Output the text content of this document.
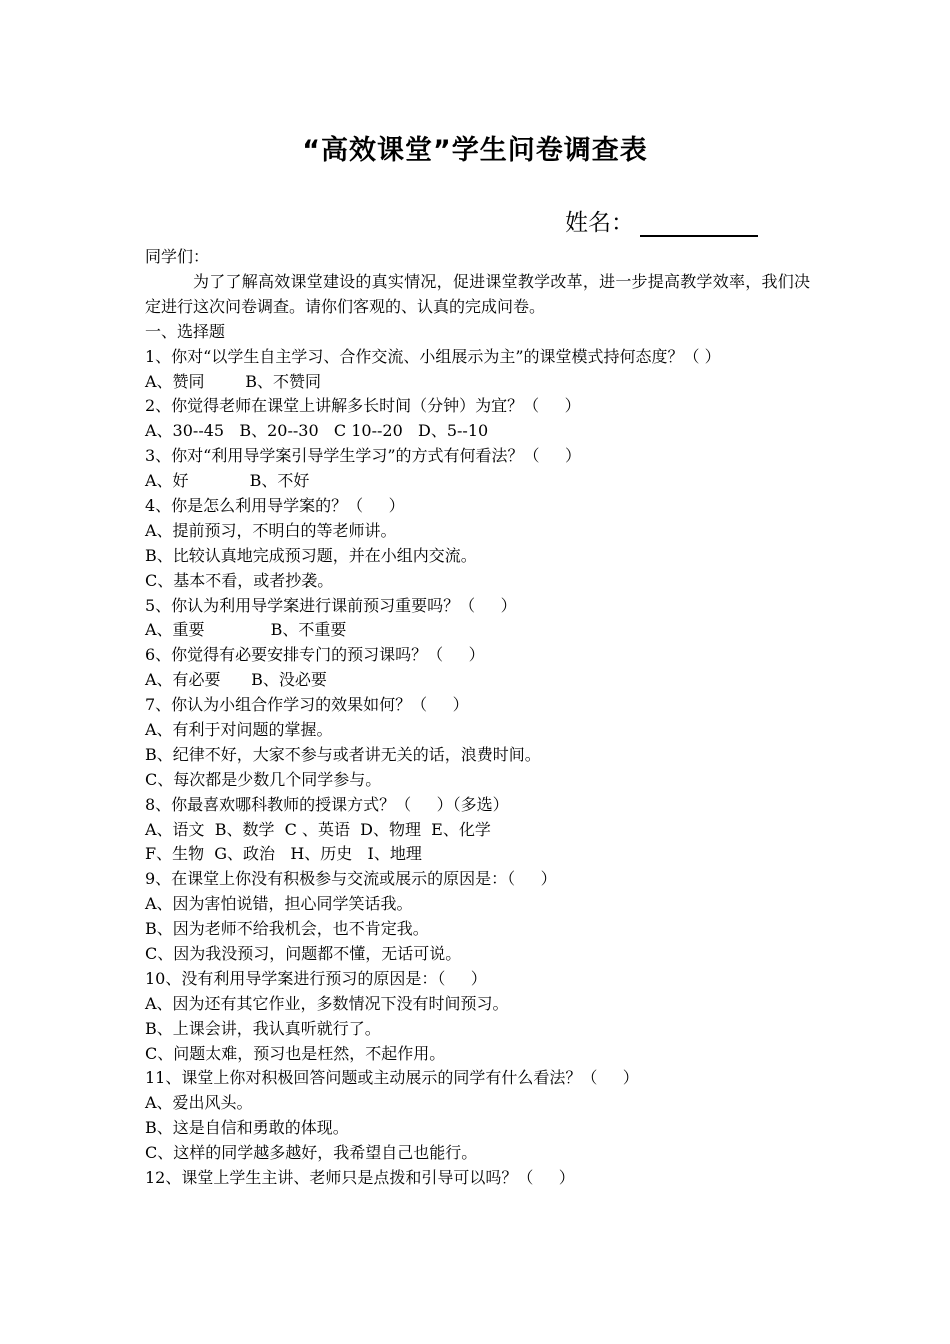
“高效课堂”学生问卷调查表
姓名：
同学们：
为了了解高效课堂建设的真实情况，促进课堂教学改革，进一步提高教学效率，我们决定进行这次问卷调查。请你们客观的、认真的完成问卷。
一、选择题
1、你对“以学生自主学习、合作交流、小组展示为主”的课堂模式持何态度？（ ）
A、赞同        B、不赞同
2、你觉得老师在课堂上讲解多长时间（分钟）为宜？（     ）
A、30--45   B、20--30   C 10--20   D、5--10
3、你对“利用导学案引导学生学习”的方式有何看法？（     ）
A、好            B、不好
4、你是怎么利用导学案的？（     ）
A、提前预习，不明白的等老师讲。
B、比较认真地完成预习题，并在小组内交流。
C、基本不看，或者抄袭。
5、你认为利用导学案进行课前预习重要吗？（     ）
A、重要             B、不重要
6、你觉得有必要安排专门的预习课吗？（     ）
A、有必要      B、没必要
7、你认为小组合作学习的效果如何？（     ）
A、有利于对问题的掌握。
B、纪律不好，大家不参与或者讲无关的话，浪费时间。
C、每次都是少数几个同学参与。
8、你最喜欢哪科教师的授课方式？（     ）（多选）
A、语文  B、数学  C 、英语  D、物理  E、化学
F、生物  G、政治   H、历史   I、地理
9、在课堂上你没有积极参与交流或展示的原因是：（     ）
A、因为害怕说错，担心同学笑话我。
B、因为老师不给我机会，也不肯定我。
C、因为我没预习，问题都不懂，无话可说。
10、没有利用导学案进行预习的原因是：（     ）
A、因为还有其它作业，多数情况下没有时间预习。
B、上课会讲，我认真听就行了。
C、问题太难，预习也是枉然，不起作用。
11、课堂上你对积极回答问题或主动展示的同学有什么看法？（     ）
A、爱出风头。
B、这是自信和勇敢的体现。
C、这样的同学越多越好，我希望自己也能行。
12、课堂上学生主讲、老师只是点拨和引导可以吗？（     ）
